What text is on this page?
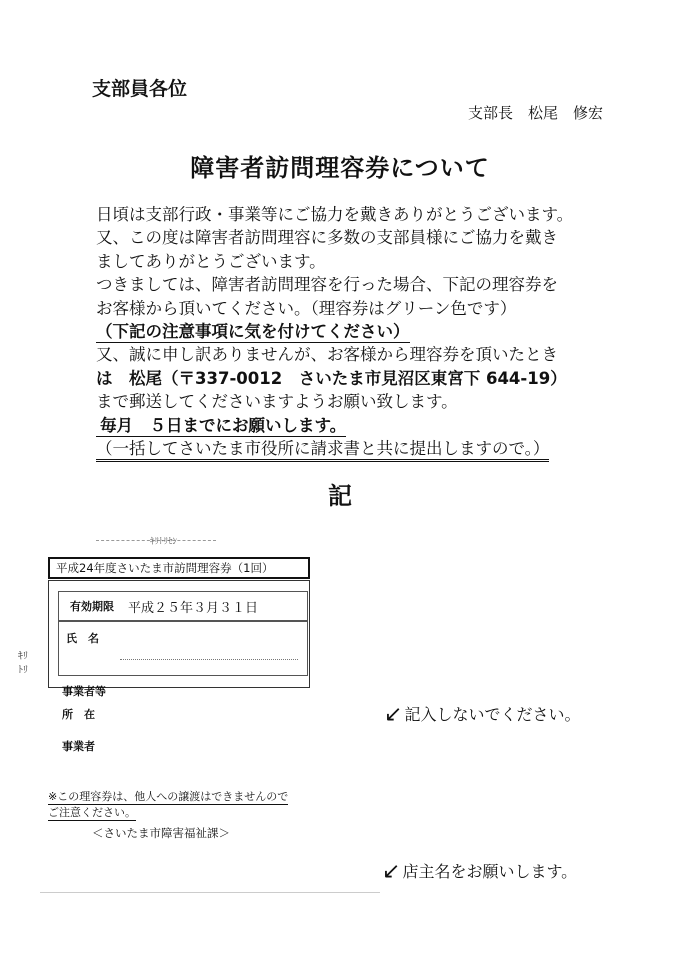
支部員各位
支部長　松尾　修宏
障害者訪問理容券について
日頃は支部行政・事業等にご協力を戴きありがとうございます。
又、この度は障害者訪問理容に多数の支部員様にご協力を戴き
ましてありがとうございます。
つきましては、障害者訪問理容を行った場合、下記の理容券を
お客様から頂いてください。（理容券はグリーン色です）
（下記の注意事項に気を付けてください）
又、誠に申し訳ありませんが、お客様から理容券を頂いたとき
は　松尾（〒337-0012　さいたま市見沼区東宮下 644-19）
まで郵送してくださいますようお願い致します。
毎月　５日までにお願いします。
（一括してさいたま市役所に請求書と共に提出しますので。）
記
ｷﾘﾄﾘｾﾝ
平成24年度さいたま市訪問理容券（1回）
有効期限 平成２５年３月３１日
氏　名
ｷﾘﾄﾘ
事業者等
所　在
事業者
※この理容券は、他人への譲渡はできませんので
ご注意ください。
＜さいたま市障害福祉課＞
↙ 記入しないでください。
↙ 店主名をお願いします。
